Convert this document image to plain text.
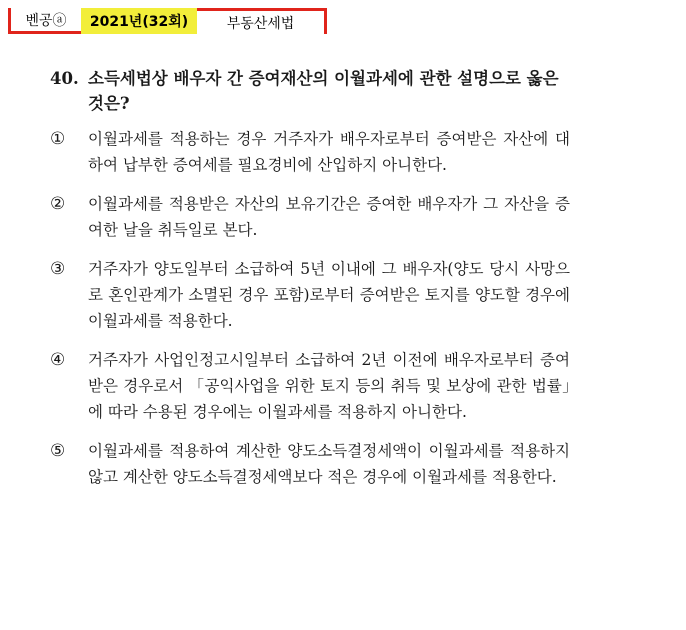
벤공ⓐ	2021년(32회)	부동산세법
40. 소득세법상 배우자 간 증여재산의 이월과세에 관한 설명으로 옳은 것은?
①	이월과세를 적용하는 경우 거주자가 배우자로부터 증여받은 자산에 대하여 납부한 증여세를 필요경비에 산입하지 아니한다.
②	이월과세를 적용받은 자산의 보유기간은 증여한 배우자가 그 자산을 증여한 날을 취득일로 본다.
③	거주자가 양도일부터 소급하여 5년 이내에 그 배우자(양도 당시 사망으로 혼인관계가 소멸된 경우 포함)로부터 증여받은 토지를 양도할 경우에 이월과세를 적용한다.
④	거주자가 사업인정고시일부터 소급하여 2년 이전에 배우자로부터 증여받은 경우로서 「공익사업을 위한 토지 등의 취득 및 보상에 관한 법률」에 따라 수용된 경우에는 이월과세를 적용하지 아니한다.
⑤	이월과세를 적용하여 계산한 양도소득결정세액이 이월과세를 적용하지 않고 계산한 양도소득결정세액보다 적은 경우에 이월과세를 적용한다.
